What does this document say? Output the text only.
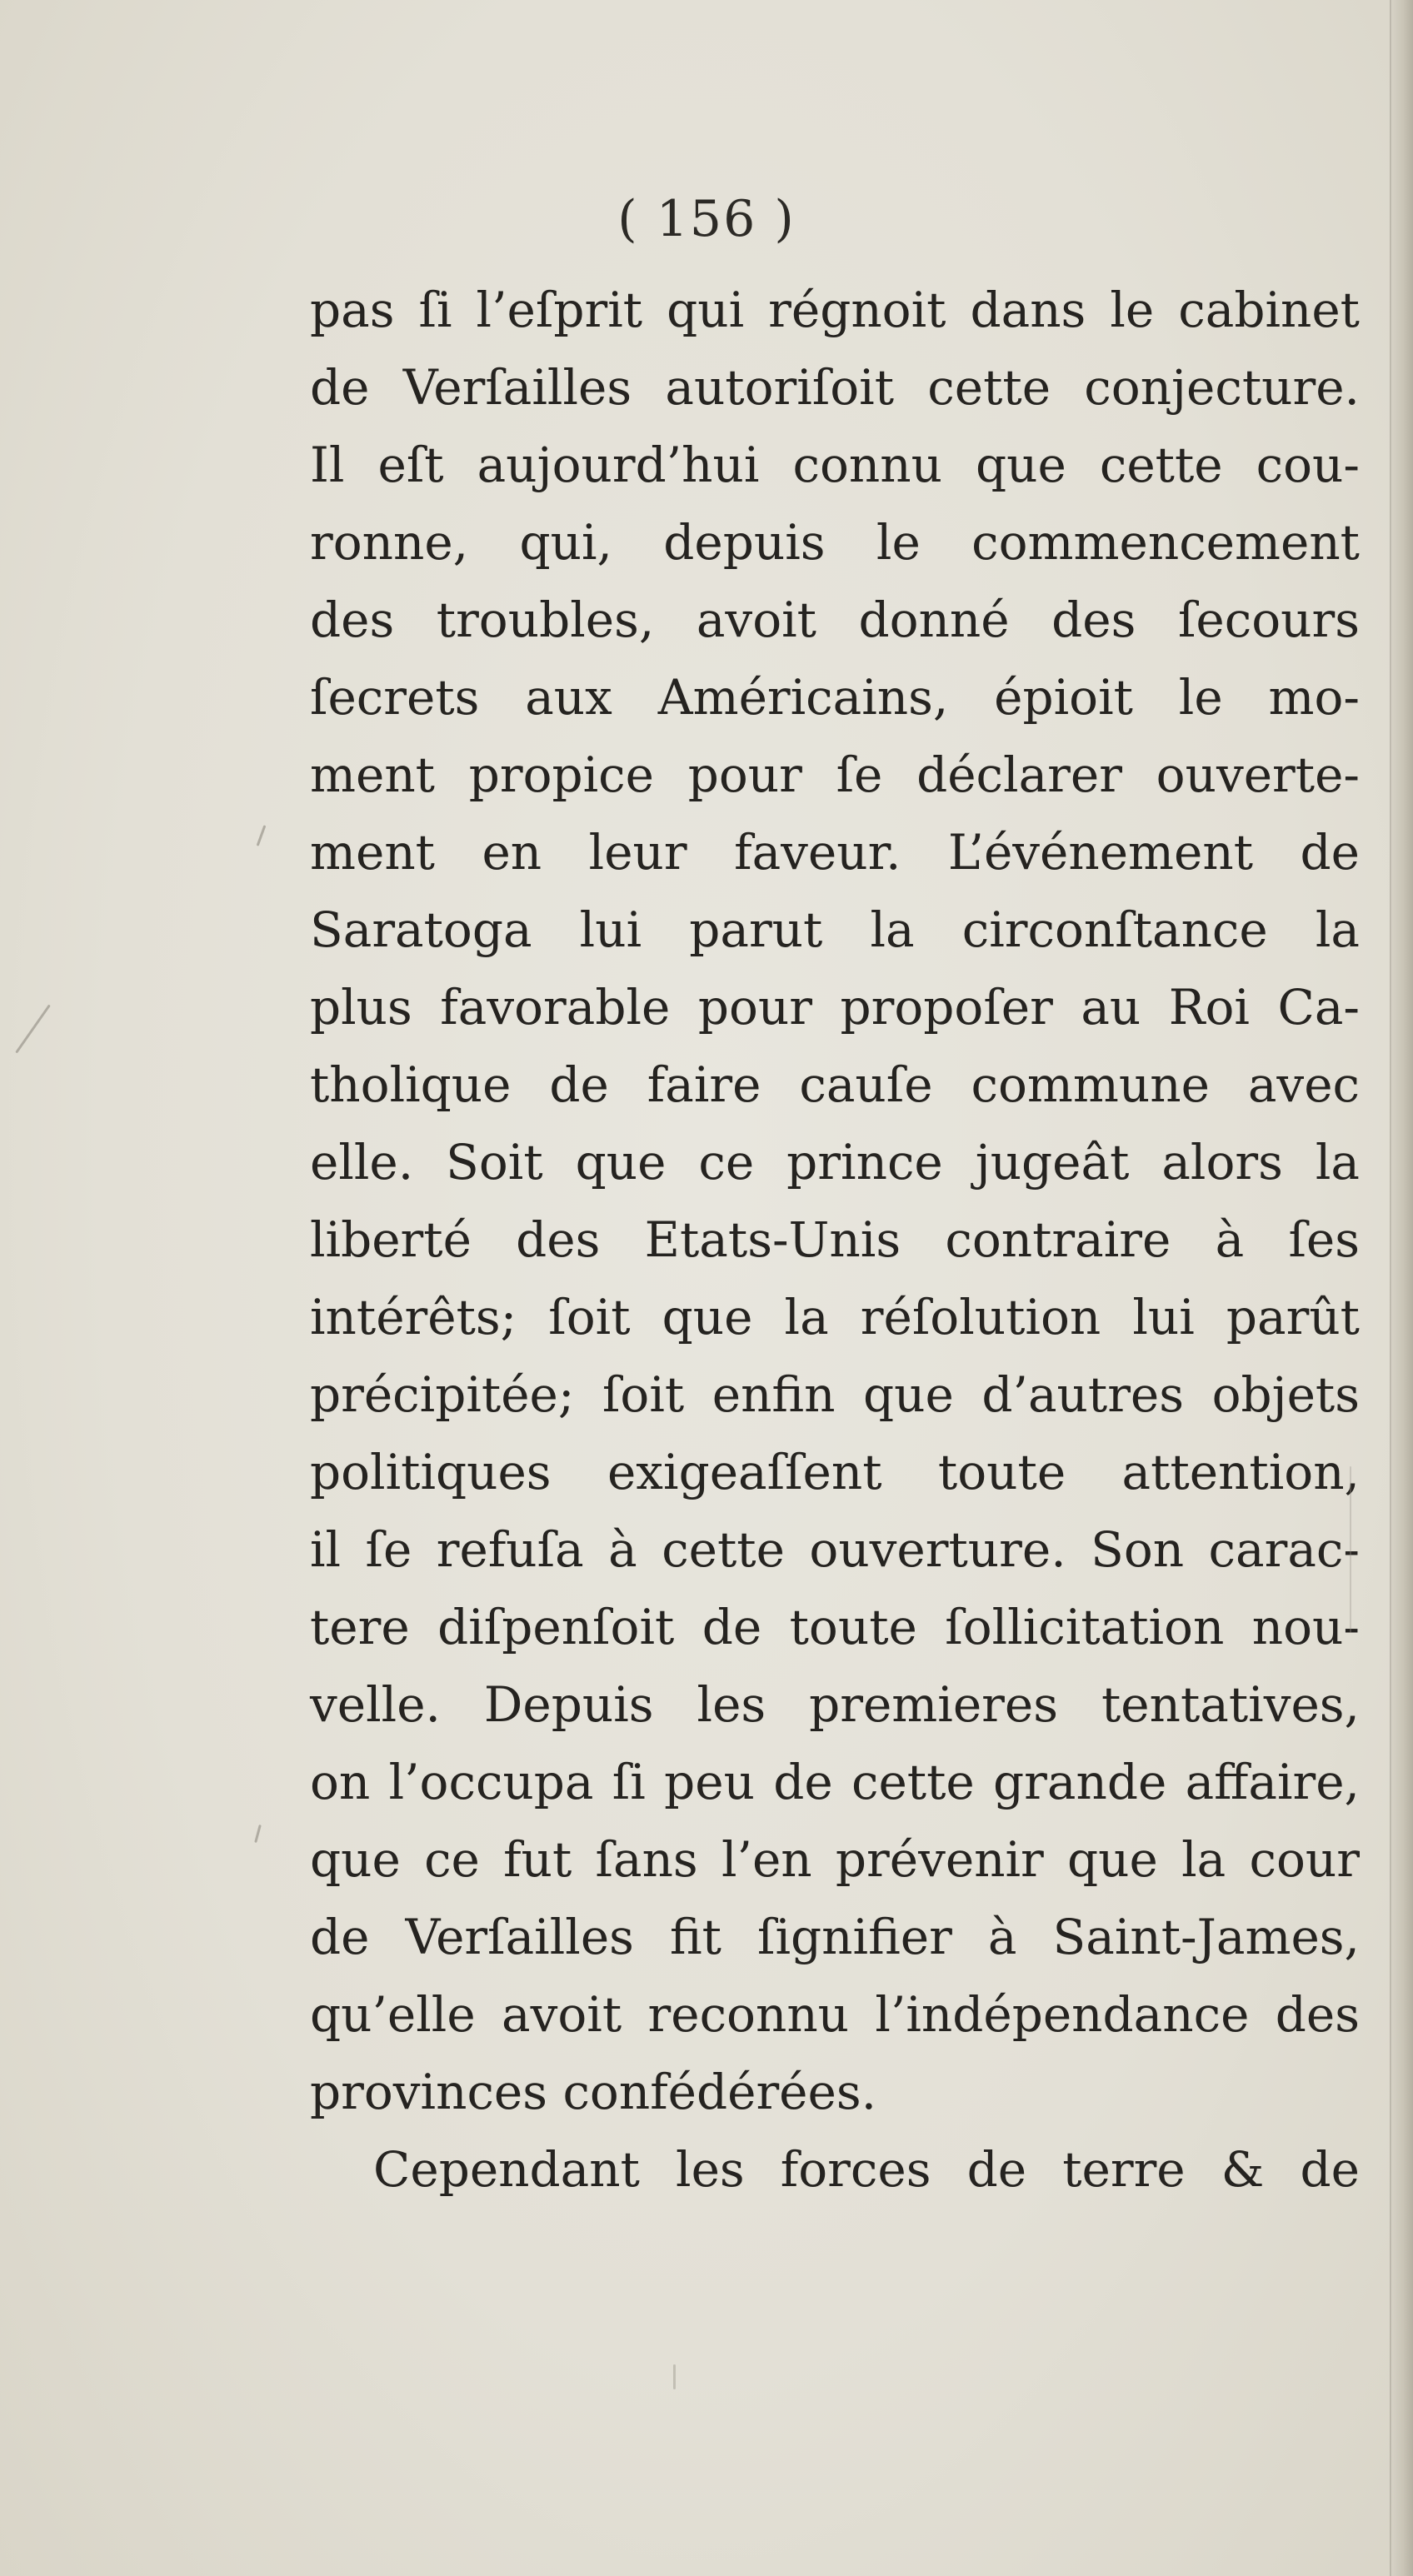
( 156 )
pas ſi l’eſprit qui régnoit dans le cabinet
de Verſailles autoriſoit cette conjecture.
Il eſt aujourd’hui connu que cette cou-
ronne, qui, depuis le commencement
des troubles, avoit donné des ſecours
ſecrets aux Américains, épioit le mo-
ment propice pour ſe déclarer ouverte-
ment en leur faveur. L’événement de
Saratoga lui parut la circonſtance la
plus favorable pour propoſer au Roi Ca-
tholique de faire cauſe commune avec
elle. Soit que ce prince jugeât alors la
liberté des Etats-Unis contraire à ſes
intérêts; ſoit que la réſolution lui parût
précipitée; ſoit enfin que d’autres objets
politiques exigeaſſent toute attention,
il ſe refuſa à cette ouverture. Son carac-
tere diſpenſoit de toute ſollicitation nou-
velle. Depuis les premieres tentatives,
on l’occupa ſi peu de cette grande affaire,
que ce fut ſans l’en prévenir que la cour
de Verſailles fit ſignifier à Saint-James,
qu’elle avoit reconnu l’indépendance des
provinces confédérées.
Cependant les forces de terre & de
